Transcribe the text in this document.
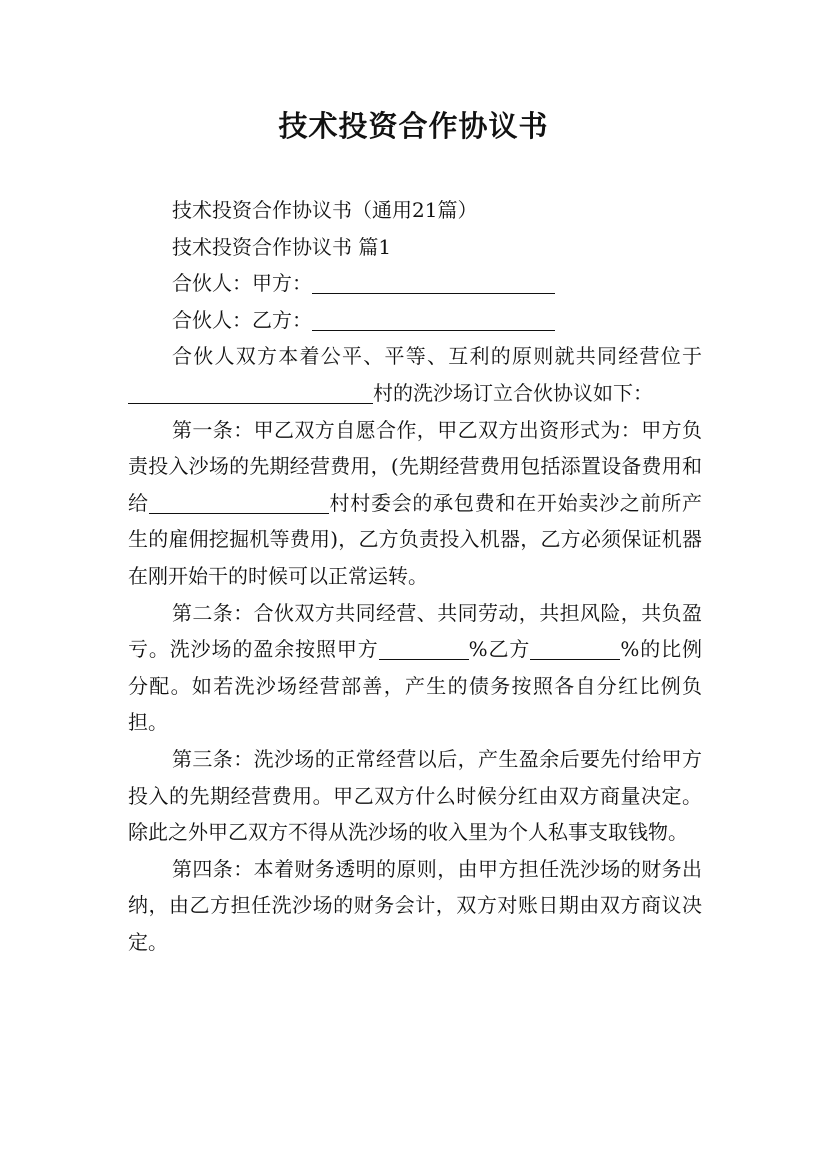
技术投资合作协议书
技术投资合作协议书（通用21篇）
技术投资合作协议书 篇1
合伙人：甲方：
合伙人：乙方：
合伙人双方本着公平、平等、互利的原则就共同经营位于村的洗沙场订立合伙协议如下：
第一条：甲乙双方自愿合作，甲乙双方出资形式为：甲方负责投入沙场的先期经营费用，(先期经营费用包括添置设备费用和给	村村委会的承包费和在开始卖沙之前所产生的雇佣挖掘机等费用)，乙方负责投入机器，乙方必须保证机器在刚开始干的时候可以正常运转。
第二条：合伙双方共同经营、共同劳动，共担风险，共负盈亏。洗沙场的盈余按照甲方	%乙方	%的比例分配。如若洗沙场经营部善，产生的债务按照各自分红比例负担。
第三条：洗沙场的正常经营以后，产生盈余后要先付给甲方投入的先期经营费用。甲乙双方什么时候分红由双方商量决定。除此之外甲乙双方不得从洗沙场的收入里为个人私事支取钱物。
第四条：本着财务透明的原则，由甲方担任洗沙场的财务出纳，由乙方担任洗沙场的财务会计，双方对账日期由双方商议决定。
